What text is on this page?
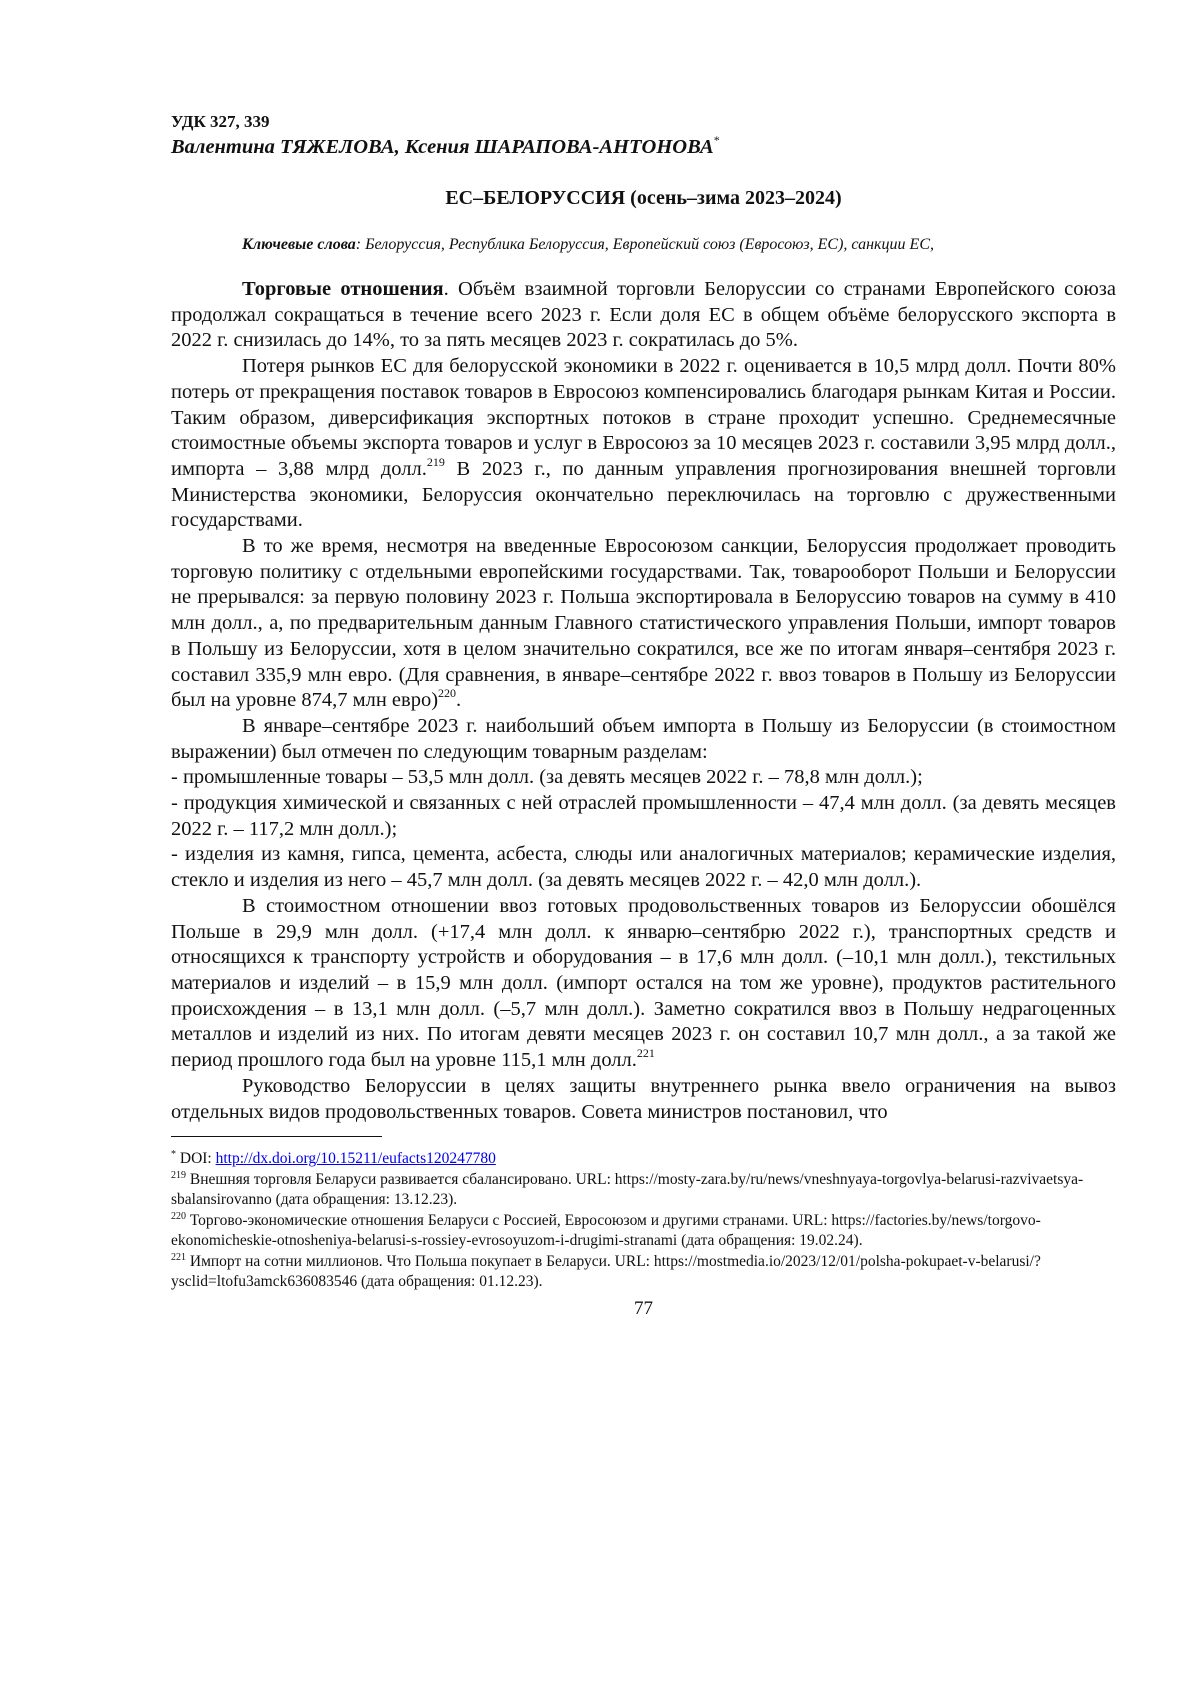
УДК 327, 339
Валентина ТЯЖЕЛОВА, Ксения ШАРАПОВА-АНТОНОВА*
ЕС–БЕЛОРУССИЯ (осень–зима 2023–2024)
Ключевые слова: Белоруссия, Республика Белоруссия, Европейский союз (Евросоюз, ЕС), санкции ЕС,

Торговые отношения. Объём взаимной торговли Белоруссии со странами Европейского союза продолжал сокращаться в течение всего 2023 г. Если доля ЕС в общем объёме белорусского экспорта в 2022 г. снизилась до 14%, то за пять месяцев 2023 г. сократилась до 5%.

Потеря рынков ЕС для белорусской экономики в 2022 г. оценивается в 10,5 млрд долл. Почти 80% потерь от прекращения поставок товаров в Евросоюз компенсировались благодаря рынкам Китая и России. Таким образом, диверсификация экспортных потоков в стране проходит успешно. Среднемесячные стоимостные объемы экспорта товаров и услуг в Евросоюз за 10 месяцев 2023 г. составили 3,95 млрд долл., импорта – 3,88 млрд долл.$^{219}$ В 2023 г., по данным управления прогнозирования внешней торговли Министерства экономики, Белоруссия окончательно переключилась на торговлю с дружественными государствами.

В то же время, несмотря на введенные Евросоюзом санкции, Белоруссия продолжает проводить торговую политику с отдельными европейскими государствами. Так, товарооборот Польши и Белоруссии не прерывался: за первую половину 2023 г. Польша экспортировала в Белоруссию товаров на сумму в 410 млн долл., а, по предварительным данным Главного статистического управления Польши, импорт товаров в Польшу из Белоруссии, хотя в целом значительно сократился, все же по итогам января–сентября 2023 г. составил 335,9 млн евро. (Для сравнения, в январе–сентябре 2022 г. ввоз товаров в Польшу из Белоруссии был на уровне 874,7 млн евро)$^{220}$.

В январе–сентябре 2023 г. наибольший объем импорта в Польшу из Белоруссии (в стоимостном выражении) был отмечен по следующим товарным разделам:

- промышленные товары – 53,5 млн долл. (за девять месяцев 2022 г. – 78,8 млн долл.);

- продукция химической и связанных с ней отраслей промышленности – 47,4 млн долл. (за девять месяцев 2022 г. – 117,2 млн долл.);

- изделия из камня, гипса, цемента, асбеста, слюды или аналогичных материалов; керамические изделия, стекло и изделия из него – 45,7 млн долл. (за девять месяцев 2022 г. – 42,0 млн долл.).

В стоимостном отношении ввоз готовых продовольственных товаров из Белоруссии обошёлся Польше в 29,9 млн долл. (+17,4 млн долл. к январю–сентябрю 2022 г.), транспортных средств и относящихся к транспорту устройств и оборудования – в 17,6 млн долл. (–10,1 млн долл.), текстильных материалов и изделий – в 15,9 млн долл. (импорт остался на том же уровне), продуктов растительного происхождения – в 13,1 млн долл. (–5,7 млн долл.). Заметно сократился ввоз в Польшу недрагоценных металлов и изделий из них. По итогам девяти месяцев 2023 г. он составил 10,7 млн долл., а за такой же период прошлого года был на уровне 115,1 млн долл.$^{221}$

Руководство Белоруссии в целях защиты внутреннего рынка ввело ограничения на вывоз отдельных видов продовольственных товаров. Совета министров постановил, что

* DOI: http://dx.doi.org/10.15211/eufacts120247780

$^{219}$ Внешняя торговля Беларуси развивается сбалансировано. URL: https://mosty-zara.by/ru/news/vneshnyaya-torgovlya-belarusi-razvivaetsya-sbalansirovanno (дата обращения: 13.12.23).

$^{220}$ Торгово-экономические отношения Беларуси с Россией, Евросоюзом и другими странами. URL: https://factories.by/news/torgovo-ekonomicheskie-otnosheniya-belarusi-s-rossiey-evrosoyuzom-i-drugimi-stranami (дата обращения: 19.02.24).

$^{221}$ Импорт на сотни миллионов. Что Польша покупает в Беларуси. URL: https://mostmedia.io/2023/12/01/polsha-pokupaet-v-belarusi/?ysclid=ltofu3amck636083546 (дата обращения: 01.12.23).

77
